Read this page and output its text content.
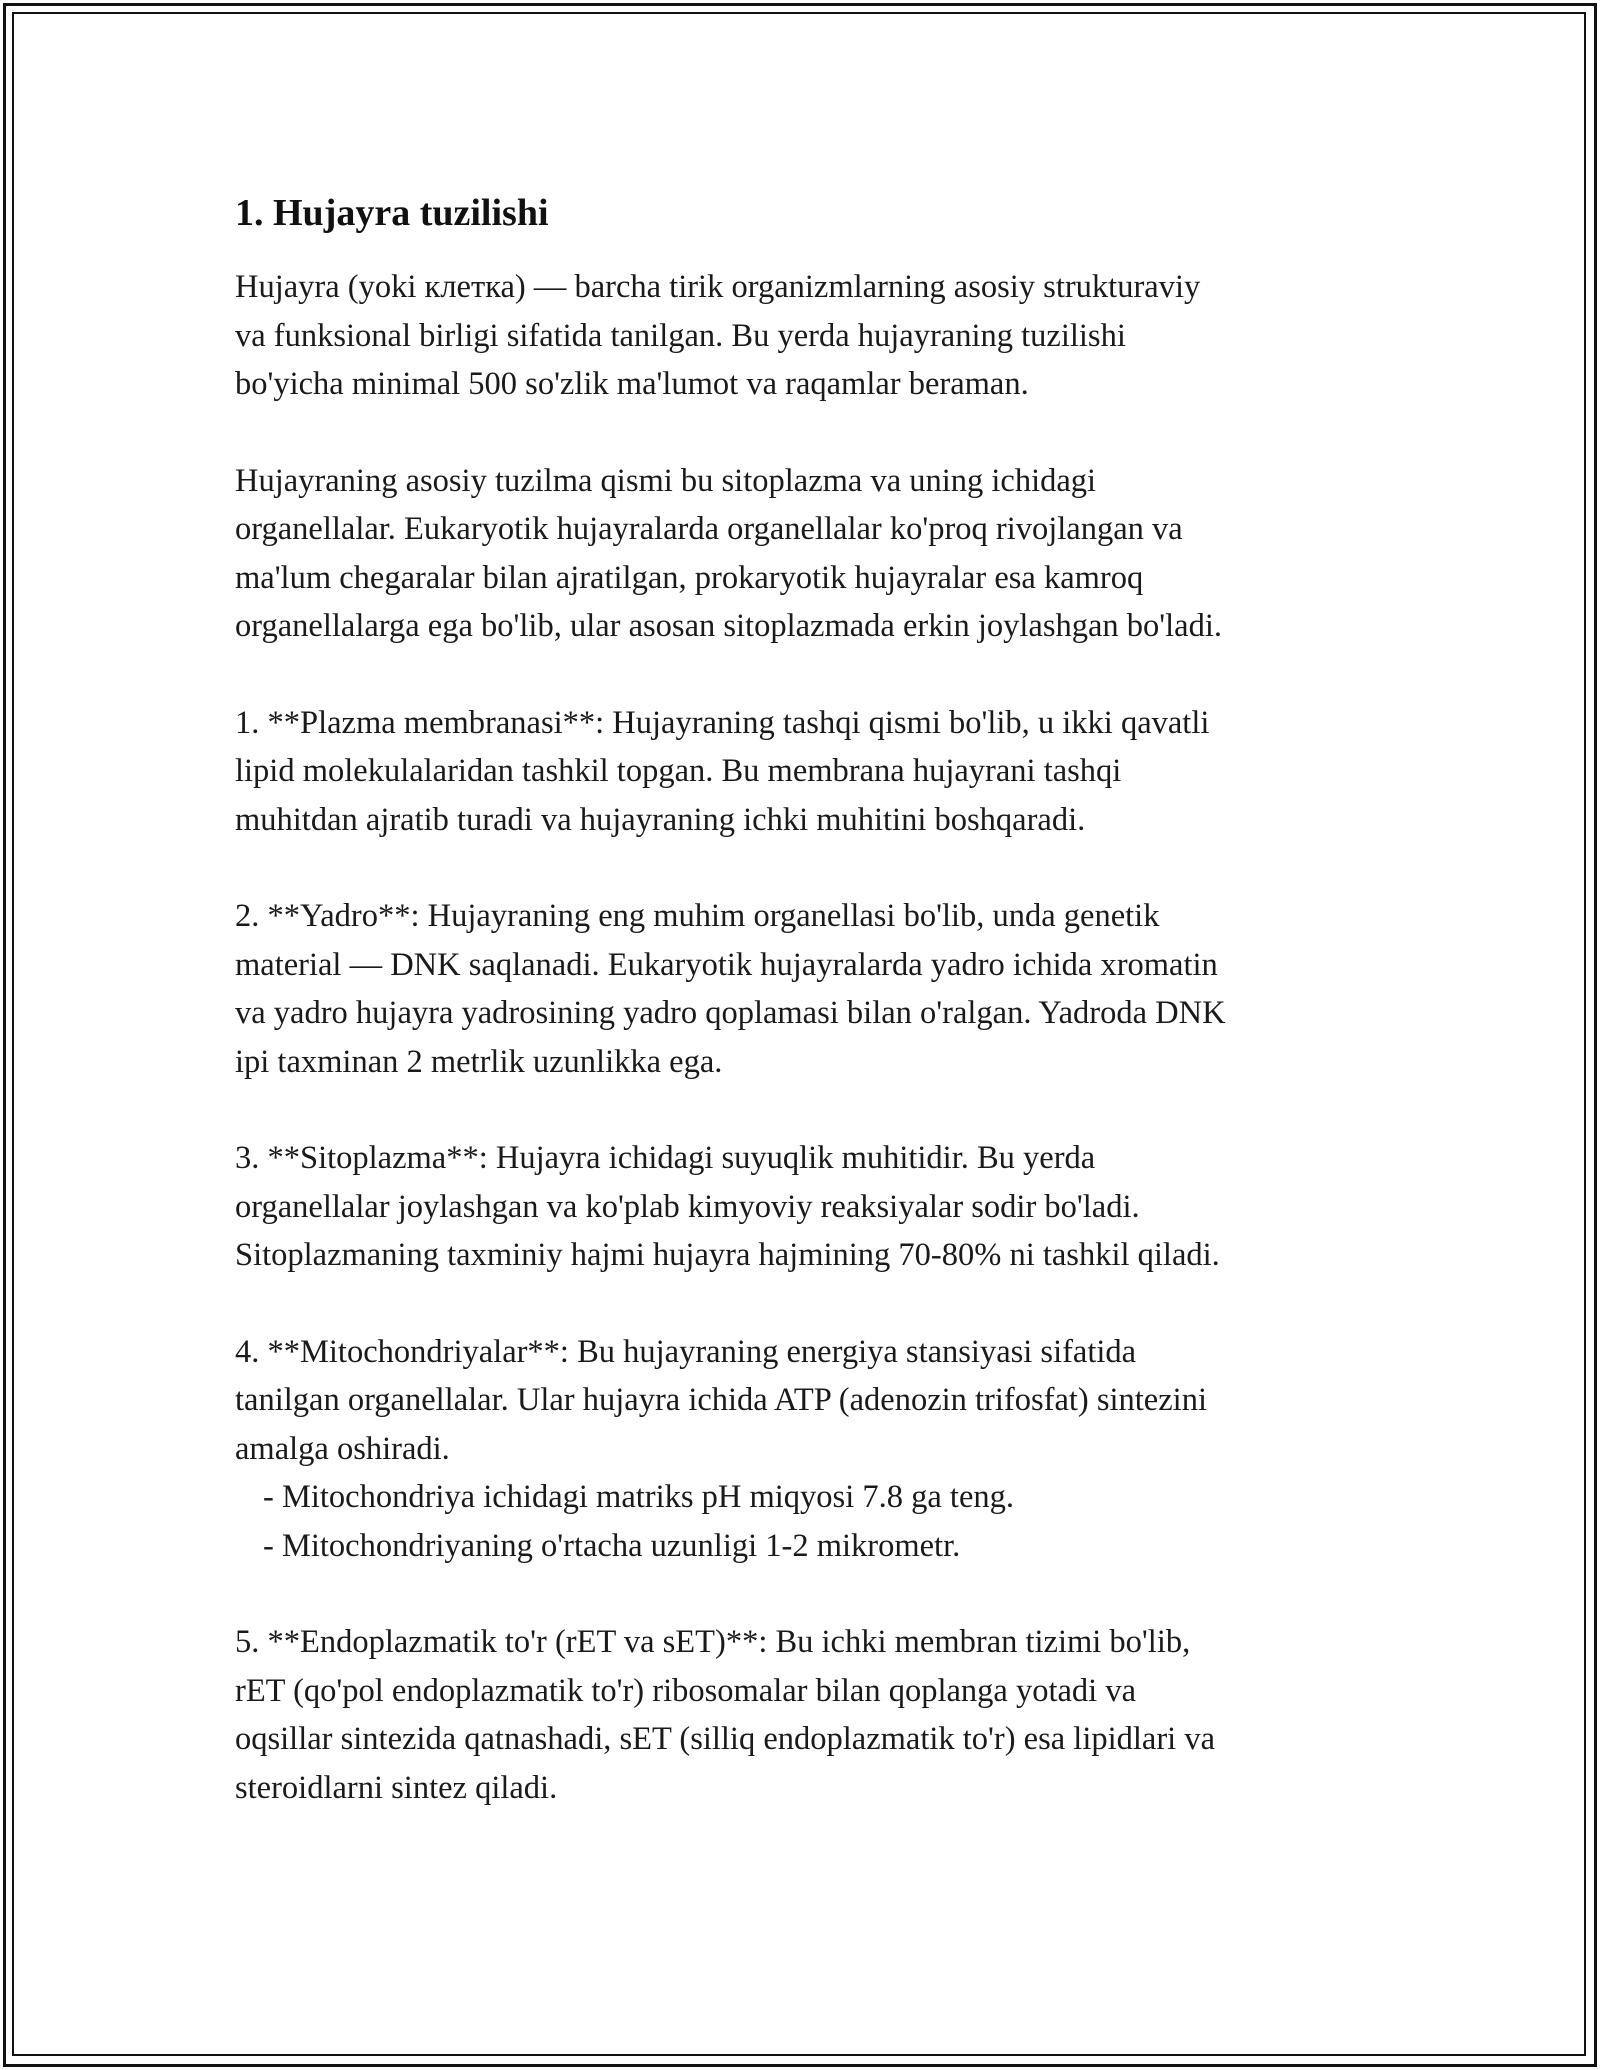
1. Hujayra tuzilishi

Hujayra (yoki клетка) — barcha tirik organizmlarning asosiy strukturaviy
va funksional birligi sifatida tanilgan. Bu yerda hujayraning tuzilishi
bo'yicha minimal 500 so'zlik ma'lumot va raqamlar beraman.

Hujayraning asosiy tuzilma qismi bu sitoplazma va uning ichidagi
organellalar. Eukaryotik hujayralarda organellalar ko'proq rivojlangan va
ma'lum chegaralar bilan ajratilgan, prokaryotik hujayralar esa kamroq
organellalarga ega bo'lib, ular asosan sitoplazmada erkin joylashgan bo'ladi.

1. **Plazma membranasi**: Hujayraning tashqi qismi bo'lib, u ikki qavatli
lipid molekulalaridan tashkil topgan. Bu membrana hujayrani tashqi
muhitdan ajratib turadi va hujayraning ichki muhitini boshqaradi.

2. **Yadro**: Hujayraning eng muhim organellasi bo'lib, unda genetik
material — DNK saqlanadi. Eukaryotik hujayralarda yadro ichida xromatin
va yadro hujayra yadrosining yadro qoplamasi bilan o'ralgan. Yadroda DNK
ipi taxminan 2 metrlik uzunlikka ega.

3. **Sitoplazma**: Hujayra ichidagi suyuqlik muhitidir. Bu yerda
organellalar joylashgan va ko'plab kimyoviy reaksiyalar sodir bo'ladi.
Sitoplazmaning taxminiy hajmi hujayra hajmining 70-80% ni tashkil qiladi.

4. **Mitochondriyalar**: Bu hujayraning energiya stansiyasi sifatida
tanilgan organellalar. Ular hujayra ichida ATP (adenozin trifosfat) sintezini
amalga oshiradi.

- Mitochondriya ichidagi matriks pH miqyosi 7.8 ga teng.
- Mitochondriyaning o'rtacha uzunligi 1-2 mikrometr.

5. **Endoplazmatik to'r (rET va sET)**: Bu ichki membran tizimi bo'lib,
rET (qo'pol endoplazmatik to'r) ribosomalar bilan qoplanga yotadi va
oqsillar sintezida qatnashadi, sET (silliq endoplazmatik to'r) esa lipidlari va
steroidlarni sintez qiladi.
